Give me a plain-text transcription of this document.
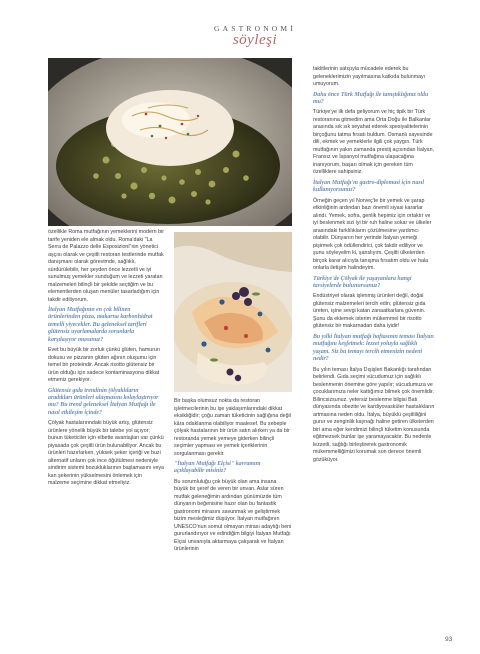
GASTRONOMİ
söyleşi

özellikle Roma mutfağının yemeklerini modern bir tarife yeniden ele almak oldu. Roma'daki "La Serra de Palazzo delle Esposizioni"nin yönetici aşçısı olarak ve çeşitli restoran testlerinde mutfak danışmanı olarak görevimde, sağlıklı, sürdürülebilir, her şeyden önce lezzetli ve iyi sunulmuş yemekler sunduğum ve lezzeti yaratan malzemeleri bilinçli bir şekilde seçtiğim ve bu elementlerden oluşan menüler tasarladığım için takdir ediliyorum.

İtalyan Mutfağının en çok bilinen ürünlerinden pizza, makarna karbonhidrat temelli yiyecekler. Bu geleneksel tarifleri glütensiz uyarlamalarda sorunlarla karşılaşıyor musunuz?

Evet bu büyük bir zorluk çünkü glüten, hamurun dokusu ve pizzanın glüten ağının oluşumu için temel bir proteindir. Ancak risotto glütensiz bir ürün olduğu için sadece kontaminasyona dikkat etmeniz gerekiyor.

Glütensiz gıda trendinin (ölyaklıların aradıkları ürünleri ulaşmasını kolaylaştırıyor mu? Bu trend geleneksel İtalyan Mutfağı ile nasıl etkileşim içinde?

Çölyak hastalarınndaki büyük artış, glütensiz ürünlere yönelik büyük bir talebe yol açıyor; bunun tüketiciler için elbette avantajları var çünkü piyasada çok çeşitli ürün bulunabiliyor. Ancak bu ürünleri hazırlarken, yüksek şeker içeriği ve buzi alternatif unların çok ince öğütülmesi nedeniyle sindirim sistemi bozukluklarının başlamasını veya kan şekerinin yükselmesini önlemek için malzeme seçimine dikkat etmeliyiz.

Bir başka olumsuz nokta da restoran işletmecilerinin bu işe yaklaşımlarındaki dikkat eksikliğidir; çoğu zaman tüketicinin sağlığına değil kâra odaklanma olabiliyor maalesef. Bu sebeple çölyak hastalarının bir ürün satın alırken ya da bir restoranda yemek yemeye giderken bilinçli seçimler yapması ve yemek içeriklerinin sorgulanması gerekir.

"İtalyan Mutfağı Elçisi" kavramını açıklayabilir misiniz?

Bu sorumluluğu çok büyük olan ama insana büyük bir şeref de veren bir unvan. Aslar süren mutfak geleneğimin ardından günümüzde tüm dünyanın beğenisine hazır olan bu fantastik gastronomi mirasını savunmak ve geliştirmek bizim mesleğimiz düşüyor. İtalyan mutfağının UNESCO'nun somut olmayan mirası adaylığı beni gururlandırıyor ve edindiğim bilgiyi İtalyan Mutfağı Elçisi unvanıyla aktarmaya çalışarak ve İtalyan ürünlerinin

taklitlerinin satışıyla mücadele ederek bu geleneklerimizin yayılmasına katkıda bulunmayı umuyorum.

Daha önce Türk Mutfağı ile tanıştıklığınız oldu mu?

Türkiye'ye ilk defa geliyorum ve hiç tipik bir Türk restoranına gitmedim ama Orta Doğu ile Balkanlar arasında sık sık seyahat ederek spesiyalitelerinin birçoğunu tatma fırsatı buldum. Osmanlı sayesinde dili, ekmek ve yemeklerle ilgili çok yaygın. Türk mutfağının yakın zamanda prestij açısından İtalyan, Fransız ve İspanyol mutfağına ulaşacağına inanıyorum, başarı olmak için gereken tüm özelliklere sahipsiniz.

İtalyan Mutfağı'nı gastro-diplomasi için nasıl kullanıyorsunuz?

Örneğin geçen yıl Norveç'te bir yemek ve şarap etkinliğinin ardından bazı önemli siyasi kararlar alındı. Yemek, sofra, genlik hepimiz için ortaktır ve iyi beslenmek sizi iyi bir ruh haline sokar ve ülkeler arasındaki farklılıkların çözülmesine yardımcı olabilir. Dünyanın her yerinde İtalyan yemeği pişirmek çok ödüllendirici, çok takdir ediliyor ve şunu söyleyelim ki, şanslıyım. Çeşitli ülkelerden birçok karar alıcıyla tanışma fırsatım oldu ve hala onlarla iletişim halindeyim.

Türkiye'de Çölyak ile yaşayanlara hangi tavsiyelerde bulunursunuz?

Endüstriyel olarak işlenmiş ürünleri değil, doğal glütensiz malzemeleri tercih edin; glütensiz gıda üreten, işine sevgi katan zanaatkarlara güvenin. Şunu da eklemek isterim mükemmel bir risotto glütensiz bir makarnadan daha iyidir!

Bu yılki İtalyan mutfağı haftasının teması İtalyan mutfağını keşfetmek: lezzet yoluyla sağlıklı yaşam. Siz bu temayı tercih etmenizin nedeni nedir?

Bu yılın teması İtalya Dışişleri Bakanlığı tarafından belirlendi. Gıda seçimi vücudumuz için sağlıklı beslenmenin önemine göre yapılır; vücudumuza ve çocuklarımıza neler kattığımız bilmek çok önemlidir. Bilincsizsunuz, yetersiz beslenme bilgisi Batı dünyasında obezite ve kardiyovasküler hastalıkların artmasına neden oldu. İtalya, büyüklü çeşitliliğini gurur ve zenginlik kaynağı haline getiren ülkelerden biri ama eğer kendimizi bilinçli tüketim konusunda eğitmezsek bunlar işe yaramayacaktır. Bu nedenle lezzetli, sağlığı birleştirerek gastronomik mükemmelliğimizi korumak son derece önemli gözüküyor.

93
